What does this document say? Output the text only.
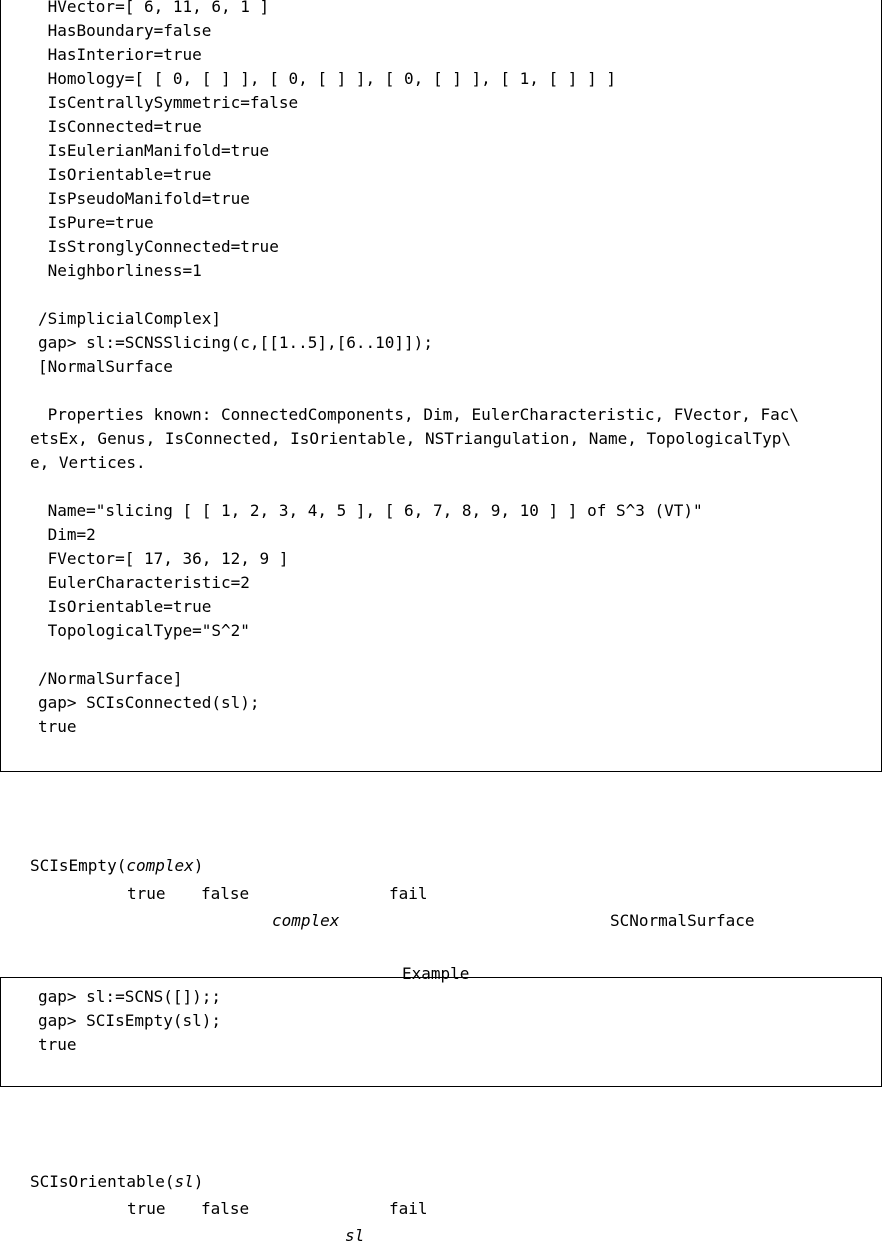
HVector=[ 6, 11, 6, 1 ]
HasBoundary=false
HasInterior=true
Homology=[ [ 0, [ ] ], [ 0, [ ] ], [ 0, [ ] ], [ 1, [ ] ] ]
IsCentrallySymmetric=false
IsConnected=true
IsEulerianManifold=true
IsOrientable=true
IsPseudoManifold=true
IsPure=true
IsStronglyConnected=true
Neighborliness=1
/SimplicialComplex]
gap> sl:=SCNSSlicing(c,[[1..5],[6..10]]);
[NormalSurface
Properties known: ConnectedComponents, Dim, EulerCharacteristic, FVector, Fac\
etsEx, Genus, IsConnected, IsOrientable, NSTriangulation, Name, TopologicalTyp\
e, Vertices.
Name="slicing [ [ 1, 2, 3, 4, 5 ], [ 6, 7, 8, 9, 10 ] ] of S^3 (VT)"
Dim=2
FVector=[ 17, 36, 12, 9 ]
EulerCharacteristic=2
IsOrientable=true
TopologicalType="S^2"
/NormalSurface]
gap> SCIsConnected(sl);
true
SCIsEmpty(complex)
true false	fail
complex	SCNormalSurface
Example
gap> sl:=SCNS([]);;
gap> SCIsEmpty(sl);
true
SCIsOrientable(sl)
true false	fail
sl
